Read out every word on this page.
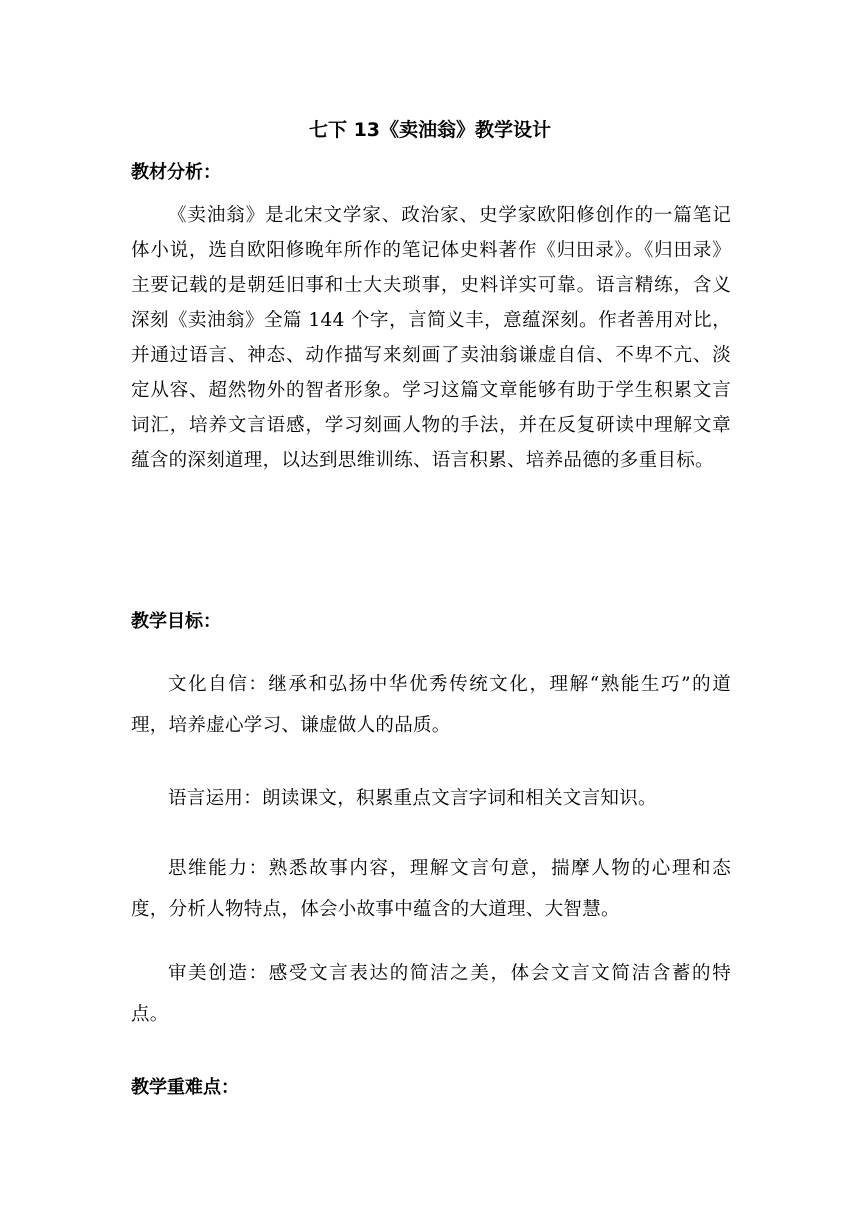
七下 13《卖油翁》教学设计
教材分析：
《卖油翁》是北宋文学家、政治家、史学家欧阳修创作的一篇笔记体小说，选自欧阳修晚年所作的笔记体史料著作《归田录》。《归田录》主要记载的是朝廷旧事和士大夫琐事，史料详实可靠。语言精练，含义深刻《卖油翁》全篇 144 个字，言简义丰，意蕴深刻。作者善用对比，并通过语言、神态、动作描写来刻画了卖油翁谦虚自信、不卑不亢、淡定从容、超然物外的智者形象。学习这篇文章能够有助于学生积累文言词汇，培养文言语感，学习刻画人物的手法，并在反复研读中理解文章蕴含的深刻道理，以达到思维训练、语言积累、培养品德的多重目标。
教学目标：
文化自信：继承和弘扬中华优秀传统文化，理解“熟能生巧”的道理，培养虚心学习、谦虚做人的品质。
语言运用：朗读课文，积累重点文言字词和相关文言知识。
思维能力：熟悉故事内容，理解文言句意，揣摩人物的心理和态度，分析人物特点，体会小故事中蕴含的大道理、大智慧。
审美创造：感受文言表达的简洁之美，体会文言文简洁含蓄的特点。
教学重难点：
